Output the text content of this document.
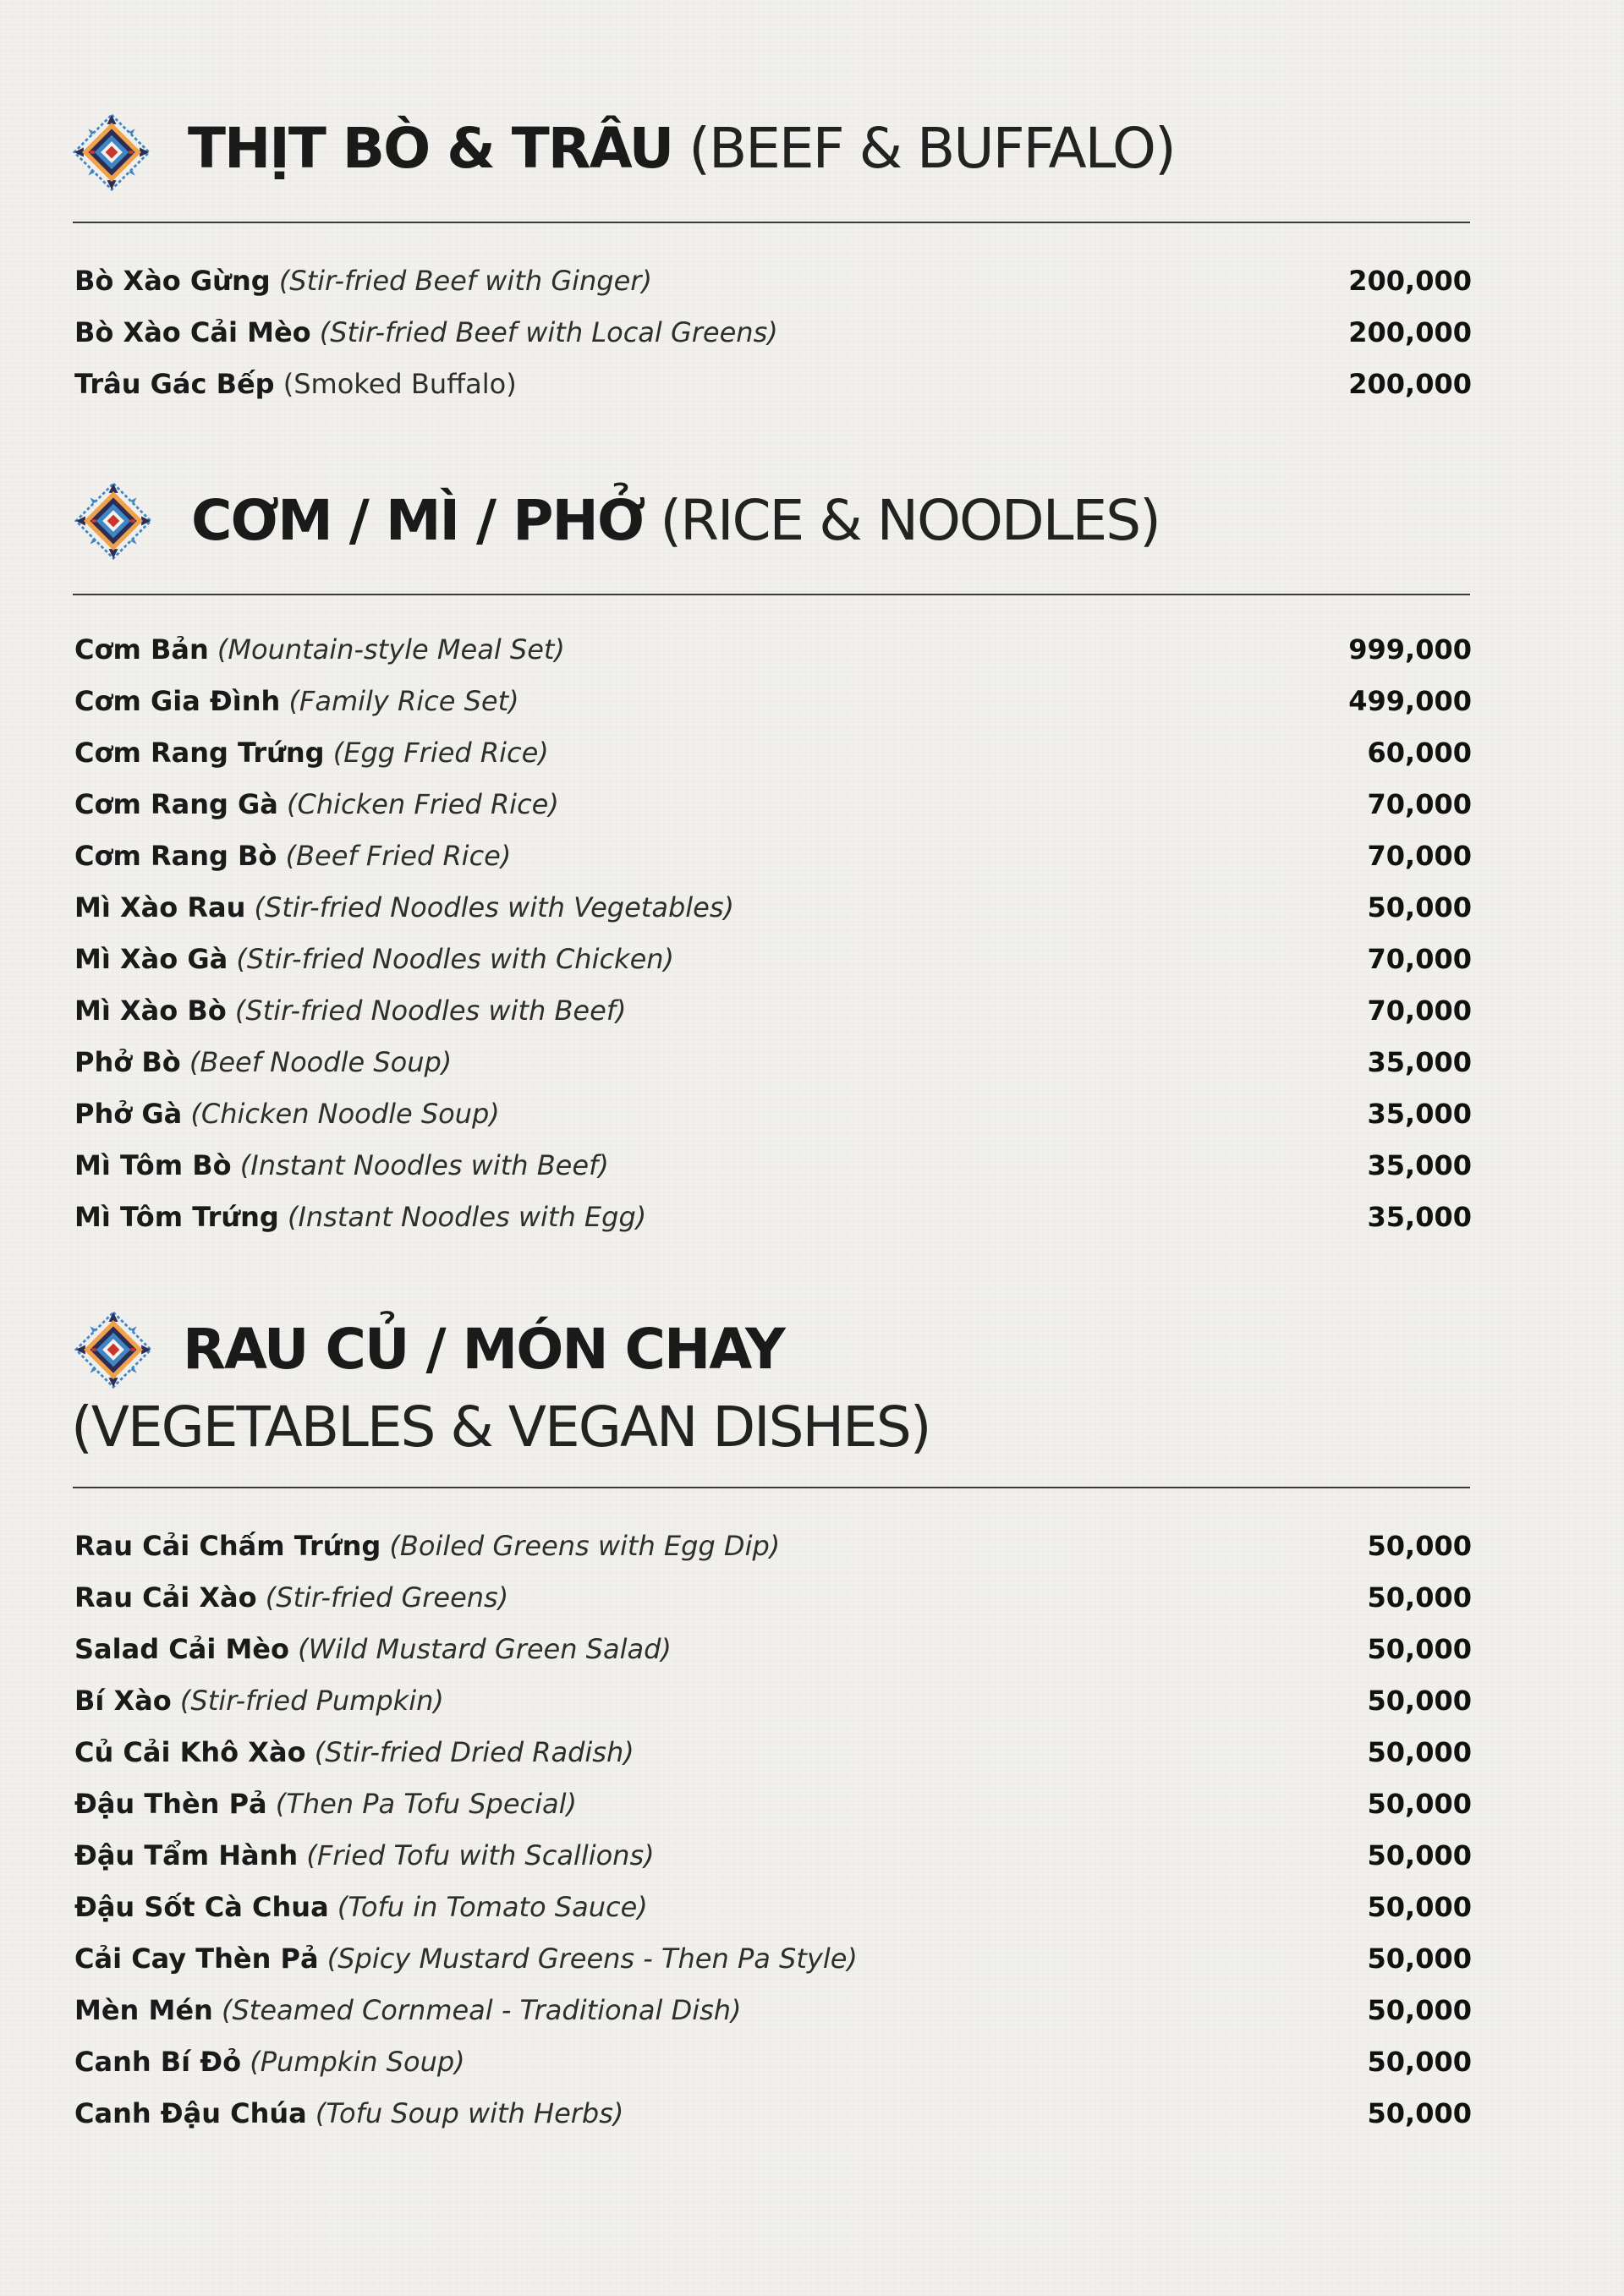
THỊT BÒ & TRÂU (BEEF & BUFFALO)
Bò Xào Gừng (Stir-fried Beef with Ginger)	200,000
Bò Xào Cải Mèo (Stir-fried Beef with Local Greens)	200,000
Trâu Gác Bếp (Smoked Buffalo)	200,000
CƠM / MÌ / PHỞ (RICE & NOODLES)
Cơm Bản (Mountain-style Meal Set)	999,000
Cơm Gia Đình (Family Rice Set)	499,000
Cơm Rang Trứng (Egg Fried Rice)	60,000
Cơm Rang Gà (Chicken Fried Rice)	70,000
Cơm Rang Bò (Beef Fried Rice)	70,000
Mì Xào Rau (Stir-fried Noodles with Vegetables)	50,000
Mì Xào Gà (Stir-fried Noodles with Chicken)	70,000
Mì Xào Bò (Stir-fried Noodles with Beef)	70,000
Phở Bò (Beef Noodle Soup)	35,000
Phở Gà (Chicken Noodle Soup)	35,000
Mì Tôm Bò (Instant Noodles with Beef)	35,000
Mì Tôm Trứng (Instant Noodles with Egg)	35,000
RAU CỦ / MÓN CHAY
(VEGETABLES & VEGAN DISHES)
Rau Cải Chấm Trứng (Boiled Greens with Egg Dip)	50,000
Rau Cải Xào (Stir-fried Greens)	50,000
Salad Cải Mèo (Wild Mustard Green Salad)	50,000
Bí Xào (Stir-fried Pumpkin)	50,000
Củ Cải Khô Xào (Stir-fried Dried Radish)	50,000
Đậu Thèn Pả (Then Pa Tofu Special)	50,000
Đậu Tẩm Hành (Fried Tofu with Scallions)	50,000
Đậu Sốt Cà Chua (Tofu in Tomato Sauce)	50,000
Cải Cay Thèn Pả (Spicy Mustard Greens - Then Pa Style)	50,000
Mèn Mén (Steamed Cornmeal - Traditional Dish)	50,000
Canh Bí Đỏ (Pumpkin Soup)	50,000
Canh Đậu Chúa (Tofu Soup with Herbs)	50,000
